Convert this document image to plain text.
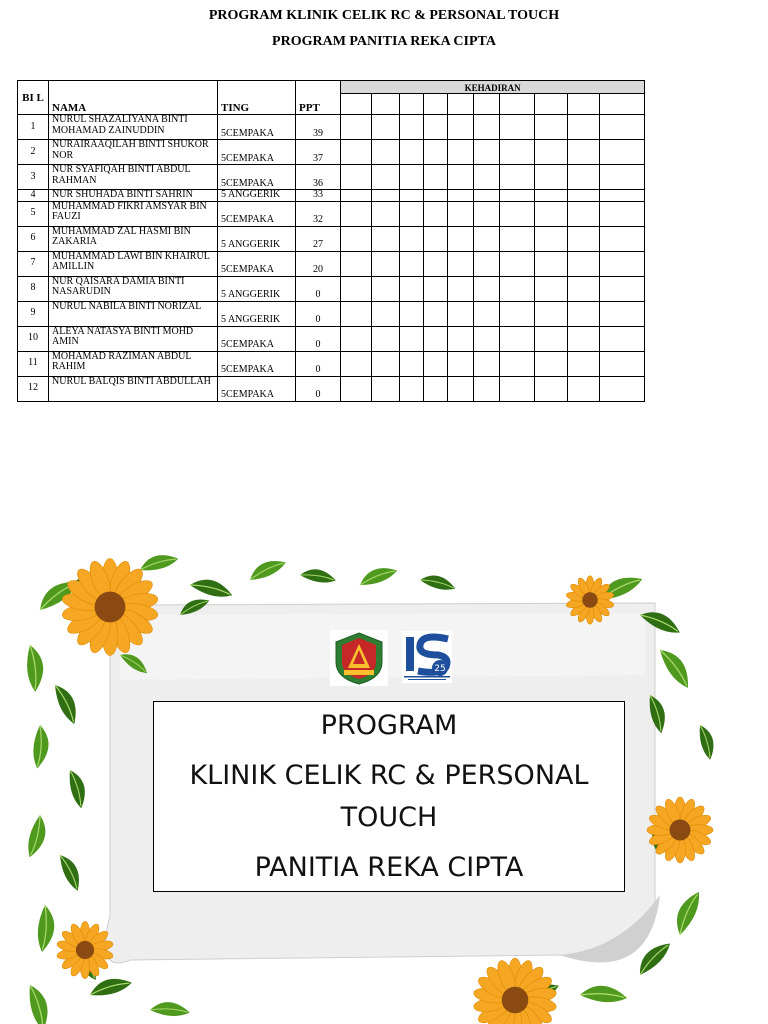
PROGRAM KLINIK CELIK RC & PERSONAL TOUCH
PROGRAM PANITIA REKA CIPTA
BI L	NAMA	TING	PPT	KEHADIRAN									

1	NURUL SHAZALIYANA BINTI MOHAMAD ZAINUDDIN	5CEMPAKA	39										
2	NURAIRAAQILAH BINTI SHUKOR NOR	5CEMPAKA	37										
3	NUR SYAFIQAH BINTI ABDUL RAHMAN	5CEMPAKA	36										
4	NUR SHUHADA BINTI SAHRIN	5 ANGGERIK	33										
5	MUHAMMAD FIKRI AMSYAR BIN FAUZI	5CEMPAKA	32										
6	MUHAMMAD ZAL HASMI BIN ZAKARIA	5 ANGGERIK	27										
7	MUHAMMAD LAWI BIN KHAIRUL AMILLIN	5CEMPAKA	20										
8	NUR QAISARA DAMIA BINTI NASARUDIN	5 ANGGERIK	0										
9	NURUL NABILA BINTI NORIZAL	5 ANGGERIK	0										
10	ALEYA NATASYA BINTI MOHD AMIN	5CEMPAKA	0										
11	MOHAMAD RAZIMAN ABDUL RAHIM	5CEMPAKA	0										
12	NURUL BALQIS BINTI ABDULLAH	5CEMPAKA	0										
25
PROGRAM
KLINIK CELIK RC & PERSONAL
TOUCH
PANITIA REKA CIPTA
